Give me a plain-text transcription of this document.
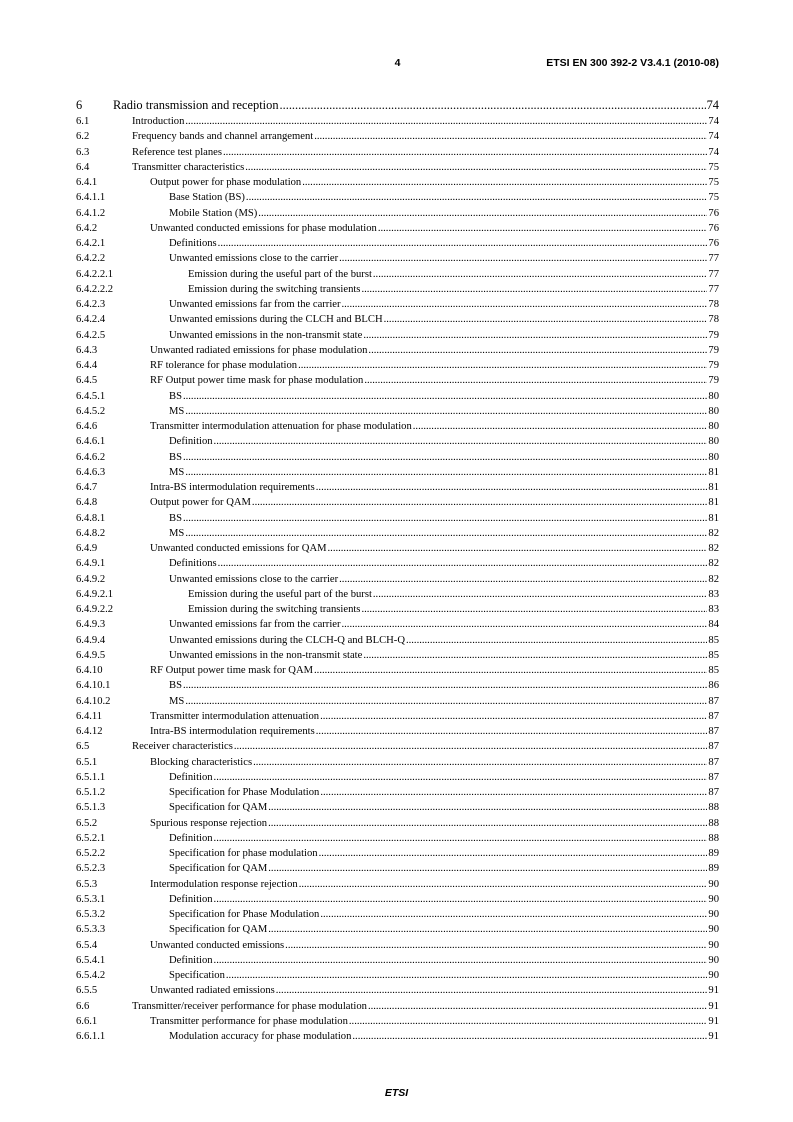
4	ETSI EN 300 392-2 V3.4.1 (2010-08)
6	Radio transmission and reception .....	74
6.1	Introduction .....	74
6.2	Frequency bands and channel arrangement .....	74
6.3	Reference test planes .....	74
6.4	Transmitter characteristics .....	75
6.4.1	Output power for phase modulation .....	75
6.4.1.1	Base Station (BS) .....	75
6.4.1.2	Mobile Station (MS) .....	76
6.4.2	Unwanted conducted emissions for phase modulation .....	76
6.4.2.1	Definitions .....	76
6.4.2.2	Unwanted emissions close to the carrier .....	77
6.4.2.2.1	Emission during the useful part of the burst .....	77
6.4.2.2.2	Emission during the switching transients .....	77
6.4.2.3	Unwanted emissions far from the carrier .....	78
6.4.2.4	Unwanted emissions during the CLCH and BLCH .....	78
6.4.2.5	Unwanted emissions in the non-transmit state .....	79
6.4.3	Unwanted radiated emissions for phase modulation .....	79
6.4.4	RF tolerance for phase modulation .....	79
6.4.5	RF Output power time mask for phase modulation .....	79
6.4.5.1	BS .....	80
6.4.5.2	MS .....	80
6.4.6	Transmitter intermodulation attenuation for phase modulation .....	80
6.4.6.1	Definition .....	80
6.4.6.2	BS .....	80
6.4.6.3	MS .....	81
6.4.7	Intra-BS intermodulation requirements .....	81
6.4.8	Output power for QAM .....	81
6.4.8.1	BS .....	81
6.4.8.2	MS .....	82
6.4.9	Unwanted conducted emissions for QAM .....	82
6.4.9.1	Definitions .....	82
6.4.9.2	Unwanted emissions close to the carrier .....	82
6.4.9.2.1	Emission during the useful part of the burst .....	83
6.4.9.2.2	Emission during the switching transients .....	83
6.4.9.3	Unwanted emissions far from the carrier .....	84
6.4.9.4	Unwanted emissions during the CLCH-Q and BLCH-Q .....	85
6.4.9.5	Unwanted emissions in the non-transmit state .....	85
6.4.10	RF Output power time mask for QAM .....	85
6.4.10.1	BS .....	86
6.4.10.2	MS .....	87
6.4.11	Transmitter intermodulation attenuation .....	87
6.4.12	Intra-BS intermodulation requirements .....	87
6.5	Receiver characteristics .....	87
6.5.1	Blocking characteristics .....	87
6.5.1.1	Definition .....	87
6.5.1.2	Specification for Phase Modulation .....	87
6.5.1.3	Specification for QAM .....	88
6.5.2	Spurious response rejection .....	88
6.5.2.1	Definition .....	88
6.5.2.2	Specification for phase modulation .....	89
6.5.2.3	Specification for QAM .....	89
6.5.3	Intermodulation response rejection .....	90
6.5.3.1	Definition .....	90
6.5.3.2	Specification for Phase Modulation .....	90
6.5.3.3	Specification for QAM .....	90
6.5.4	Unwanted conducted emissions .....	90
6.5.4.1	Definition .....	90
6.5.4.2	Specification .....	90
6.5.5	Unwanted radiated emissions .....	91
6.6	Transmitter/receiver performance for phase modulation .....	91
6.6.1	Transmitter performance for phase modulation .....	91
6.6.1.1	Modulation accuracy for phase modulation .....	91
ETSI
